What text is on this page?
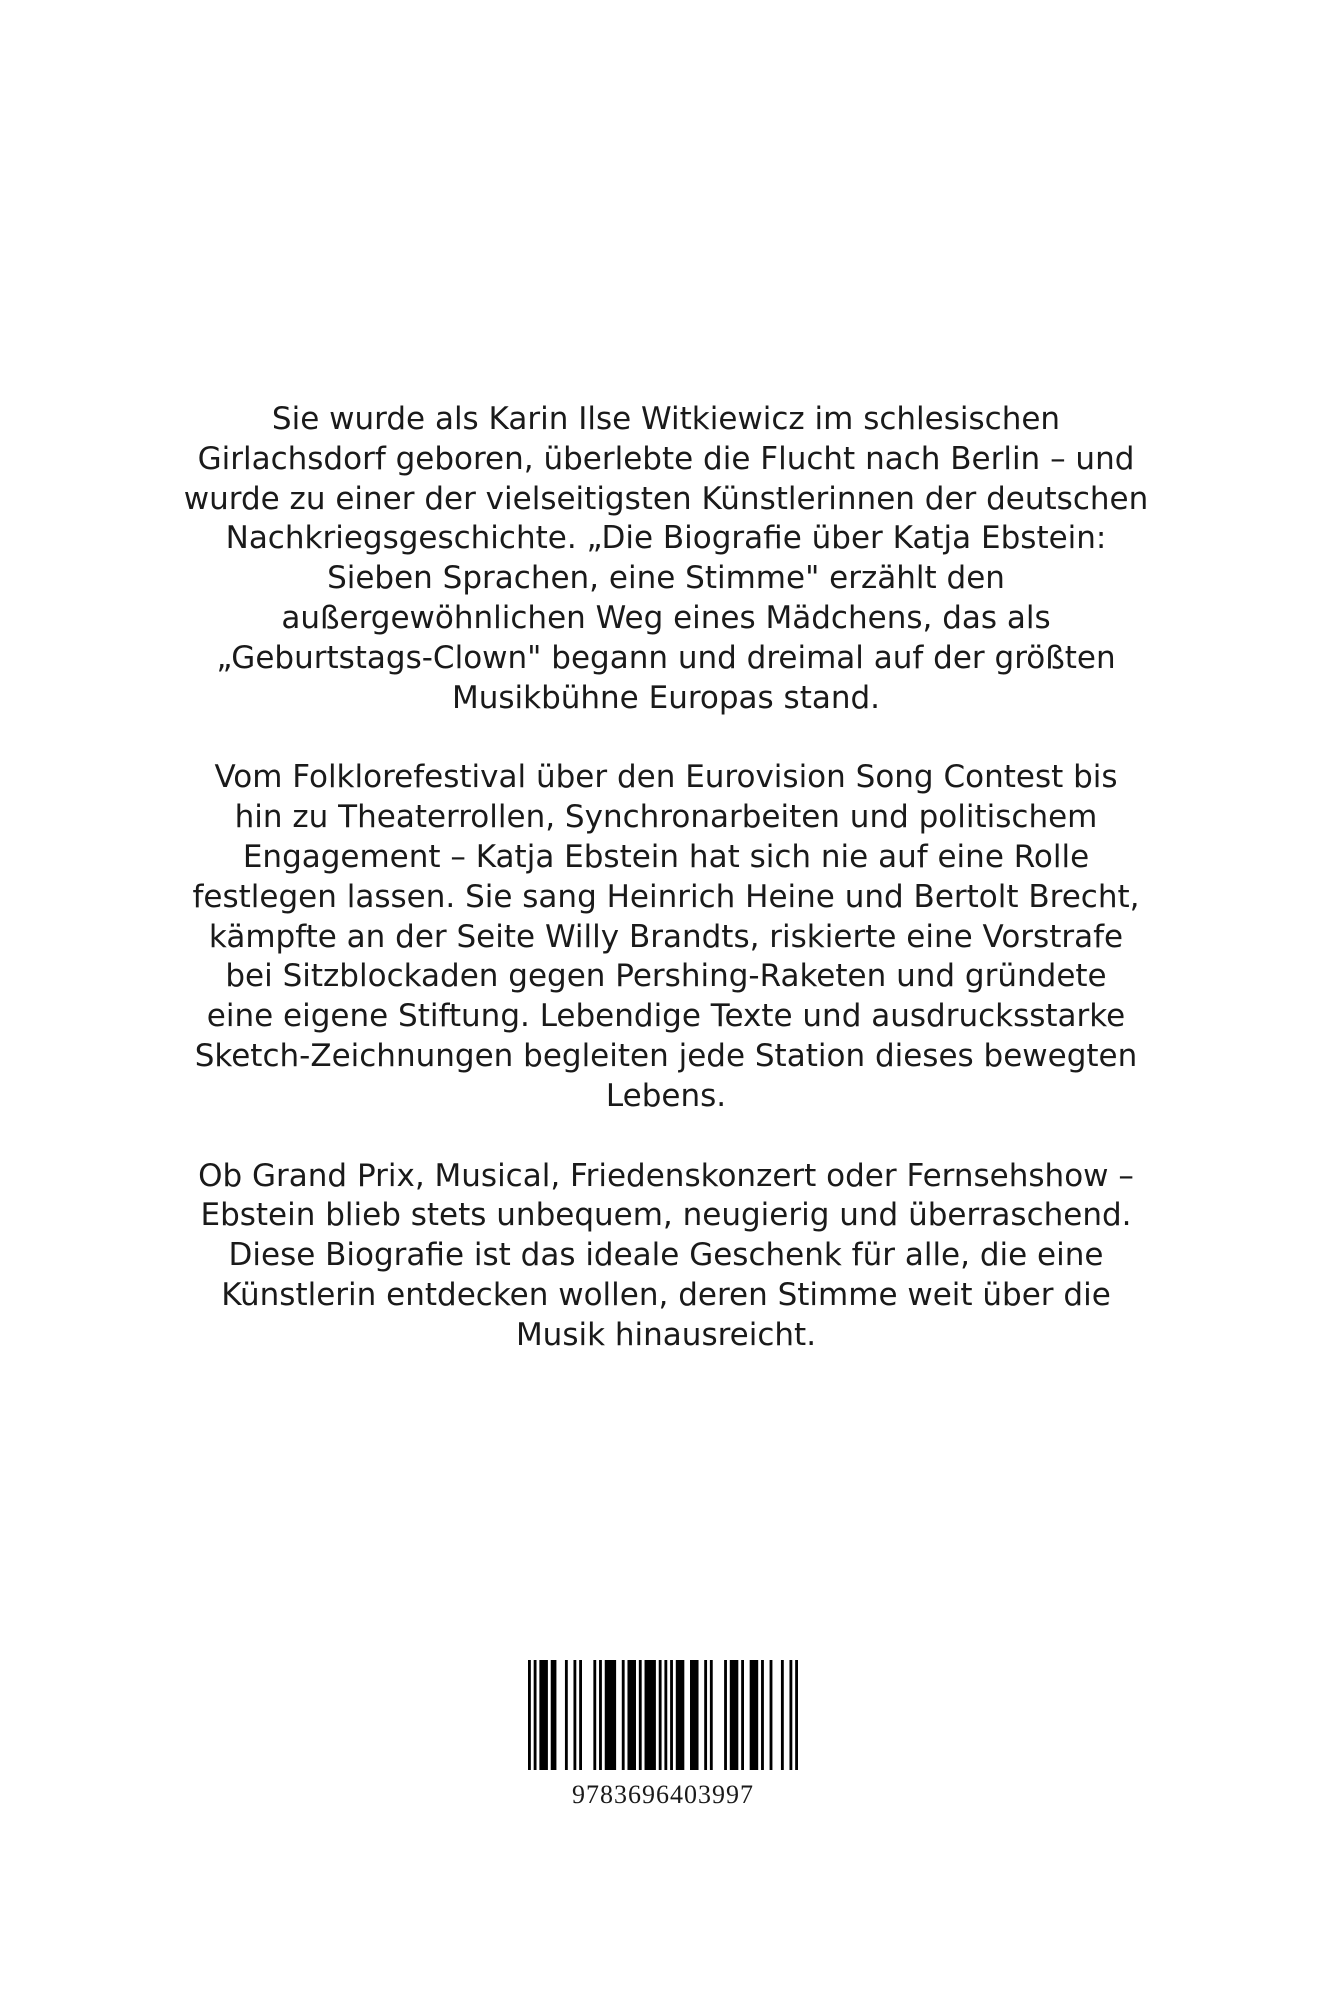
Sie wurde als Karin Ilse Witkiewicz im schlesischen
Girlachsdorf geboren, überlebte die Flucht nach Berlin – und
wurde zu einer der vielseitigsten Künstlerinnen der deutschen
Nachkriegsgeschichte. „Die Biografie über Katja Ebstein:
Sieben Sprachen, eine Stimme" erzählt den
außergewöhnlichen Weg eines Mädchens, das als
„Geburtstags-Clown" begann und dreimal auf der größten
Musikbühne Europas stand.

Vom Folklorefestival über den Eurovision Song Contest bis
hin zu Theaterrollen, Synchronarbeiten und politischem
Engagement – Katja Ebstein hat sich nie auf eine Rolle
festlegen lassen. Sie sang Heinrich Heine und Bertolt Brecht,
kämpfte an der Seite Willy Brandts, riskierte eine Vorstrafe
bei Sitzblockaden gegen Pershing-Raketen und gründete
eine eigene Stiftung. Lebendige Texte und ausdrucksstarke
Sketch-Zeichnungen begleiten jede Station dieses bewegten
Lebens.

Ob Grand Prix, Musical, Friedenskonzert oder Fernsehshow –
Ebstein blieb stets unbequem, neugierig und überraschend.
Diese Biografie ist das ideale Geschenk für alle, die eine
Künstlerin entdecken wollen, deren Stimme weit über die
Musik hinausreicht.

9783696403997
